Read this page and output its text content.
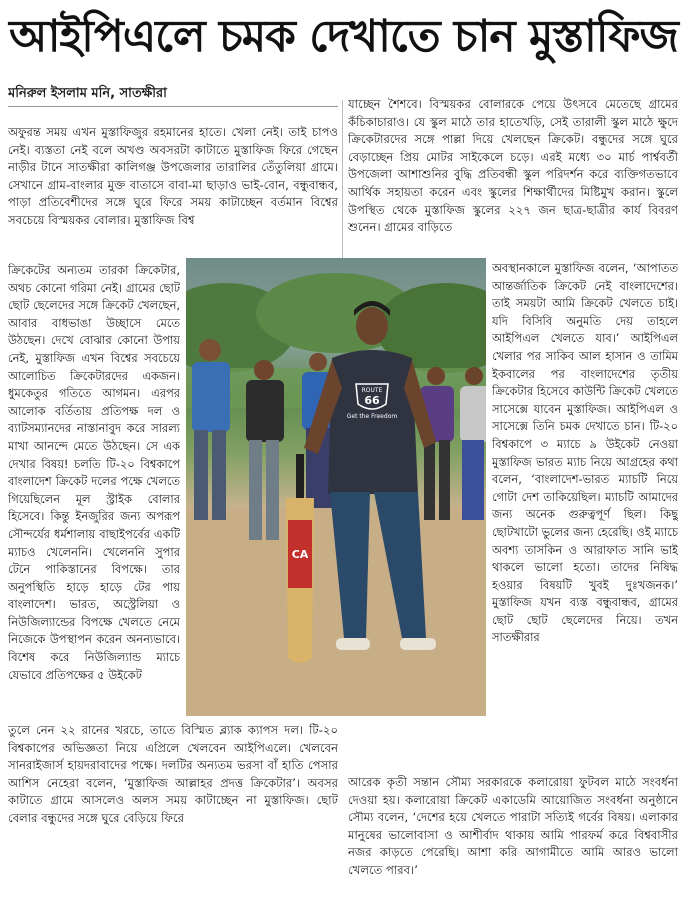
আইপিএলে চমক দেখাতে চান মুস্তাফিজ
মনিরুল ইসলাম মনি, সাতক্ষীরা

অফুরন্ত সময় এখন মুস্তাফিজুর রহমানের হাতে। খেলা নেই। তাই চাপও নেই। ব্যস্ততা নেই বলে অখণ্ড অবসরটা কাটাতে মুস্তাফিজ ফিরে গেছেন নাড়ীর টানে সাতক্ষীরা কালিগঞ্জ উপজেলার তারালির তেঁতুলিয়া গ্রামে। সেখানে গ্রাম-বাংলার মুক্ত বাতাসে বাবা-মা ছাড়াও ভাই-বোন, বন্ধুবান্ধব, পাড়া প্রতিবেশীদের সঙ্গে ঘুরে ফিরে সময় কাটাচ্ছেন বর্তমান বিশ্বের সবচেয়ে বিস্ময়কর বোলার। মুস্তাফিজ বিশ্ব

ক্রিকেটের অন্যতম তারকা ক্রিকেটার, অথচ কোনো গরিমা নেই। গ্রামের ছোট ছোট ছেলেদের সঙ্গে ক্রিকেট খেলছেন, আবার বাধভাঙা উচ্ছাসে মেতে উঠছেন। দেখে বোঝার কোনো উপায় নেই, মুস্তাফিজ এখন বিশ্বের সবচেয়ে আলোচিত ক্রিকেটারদের একজন। ধুমকেতুর গতিতে আগমন। এরপর আলোক বর্তিতায় প্রতিপক্ষ দল ও ব্যাটসম্যানদের নাস্তানাবুদ করে সারল্য মাখা আনন্দে মেতে উঠছেন। সে এক দেখার বিষয়! চলতি টি-২০ বিশ্বকাপে বাংলাদেশ ক্রিকেট দলের পক্ষে খেলতে গিয়েছিলেন মূল স্ট্রাইক বোলার হিসেবে। কিন্তু ইনজুরির জন্য অপরূপ সৌন্দর্যের ধর্মশালায় বাছাইপর্বের একটি ম্যাচও খেলেননি। খেলেননি সুপার টেনে পাকিস্তানের বিপক্ষে। তার অনুপস্থিতি হাড়ে হাড়ে টের পায় বাংলাদেশ। ভারত, অস্ট্রেলিয়া ও নিউজিল্যান্ডের বিপক্ষে খেলতে নেমে নিজেকে উপস্থাপন করেন অনন্যভাবে। বিশেষ করে নিউজিল্যান্ড ম্যাচে যেভাবে প্রতিপক্ষের ৫ উইকেট

তুলে নেন ২২ রানের খরচে, তাতে বিস্মিত ব্ল্যাক ক্যাপস দল। টি-২০ বিশ্বকাপের অভিজ্ঞতা নিয়ে এপ্রিলে খেলবেন আইপিএলে। খেলবেন সানরাইজার্স হায়দরাবাদের পক্ষে। দলটির অন্যতম ভরসা বাঁ হাতি পেসার আশিস নেহেরা বলেন, ‘মুস্তাফিজ আল্লাহর প্রদত্ত ক্রিকেটার’। অবসর কাটাতে গ্রামে আসলেও অলস সময় কাটাচ্ছেন না মুস্তাফিজ। ছোট বেলার বন্ধুদের সঙ্গে ঘুরে বেড়িয়ে ফিরে

যাচ্ছেন শৈশবে। বিস্ময়কর বোলারকে পেয়ে উৎসবে মেতেছে গ্রামের কঁচিকাচারাও। যে স্কুল মাঠে তার হাতেখড়ি, সেই তারালী স্কুল মাঠে ক্ষুদে ক্রিকেটারদের সঙ্গে পাল্লা দিয়ে খেলছেন ক্রিকেট। বন্ধুদের সঙ্গে ঘুরে বেড়াচ্ছেন প্রিয় মোটর সাইকেলে চড়ে। এরই মধ্যে ৩০ মার্চ পার্শ্ববর্তী উপজেলা আশাশুনির বুদ্ধি প্রতিবন্ধী স্কুল পরিদর্শন করে ব্যক্তিগতভাবে আর্থিক সহায়তা করেন এবং স্কুলের শিক্ষার্থীদের মিষ্টিমুখ করান। স্কুলে উপস্থিত থেকে মুস্তাফিজ স্কুলের ২২৭ জন ছাত্র-ছাত্রীর কার্য বিবরণ শুনেন। গ্রামের বাড়িতে

অবস্থানকালে মুস্তাফিজ বলেন, ‘আপাতত আন্তর্জাতিক ক্রিকেট নেই বাংলাদেশের। তাই সময়টা আমি ক্রিকেট খেলতে চাই। যদি বিসিবি অনুমতি দেয় তাহলে আইপিএল খেলতে যাব।’ আইপিএল খেলার পর সাকিব আল হাসান ও তামিম ইকবালের পর বাংলাদেশের তৃতীয় ক্রিকেটার হিসেবে কাউন্টি ক্রিকেট খেলতে সাসেক্সে যাবেন মুস্তাফিজ। আইপিএল ও সাসেক্সে তিনি চমক দেখাতে চান। টি-২০ বিশ্বকাপে ৩ ম্যাচে ৯ উইকেট নেওয়া মুস্তাফিজ ভারত ম্যাচ নিয়ে আগ্রহের কথা বলেন, ‘বাংলাদেশ-ভারত ম্যাচটি নিয়ে গোটা দেশ তাকিয়েছিল। ম্যাচটি আমাদের জন্য অনেক গুরুত্বপূর্ণ ছিল। কিছু ছোটখাটো ভুলের জন্য হেরেছি। ওই ম্যাচে অবশ্য তাসকিন ও আরাফাত সানি ভাই থাকলে ভালো হতো। তাদের নিষিদ্ধ হওয়ার বিষয়টি খুবই দুঃখজনক।’ মুস্তাফিজ যখন ব্যস্ত বন্ধুবান্ধব, গ্রামের ছোট ছোট ছেলেদের নিয়ে। তখন সাতক্ষীরার

আরেক কৃতী সন্তান সৌম্য সরকারকে কলারোয়া ফুটবল মাঠে সংবর্ধনা দেওয়া হয়। কলারোয়া ক্রিকেট একাডেমি আয়োজিত সংবর্ধনা অনুষ্ঠানে সৌম্য বলেন, ‘দেশের হয়ে খেলতে পারাটা সত্যিই গর্বের বিষয়। এলাকার মানুষের ভালোবাসা ও আশীর্বাদ থাকায় আমি পারফর্ম করে বিশ্ববাসীর নজর কাড়তে পেরেছি। আশা করি আগামীতে আমি আরও ভালো খেলতে পারব।’

ROUTE
66
Get the Freedom
CA
